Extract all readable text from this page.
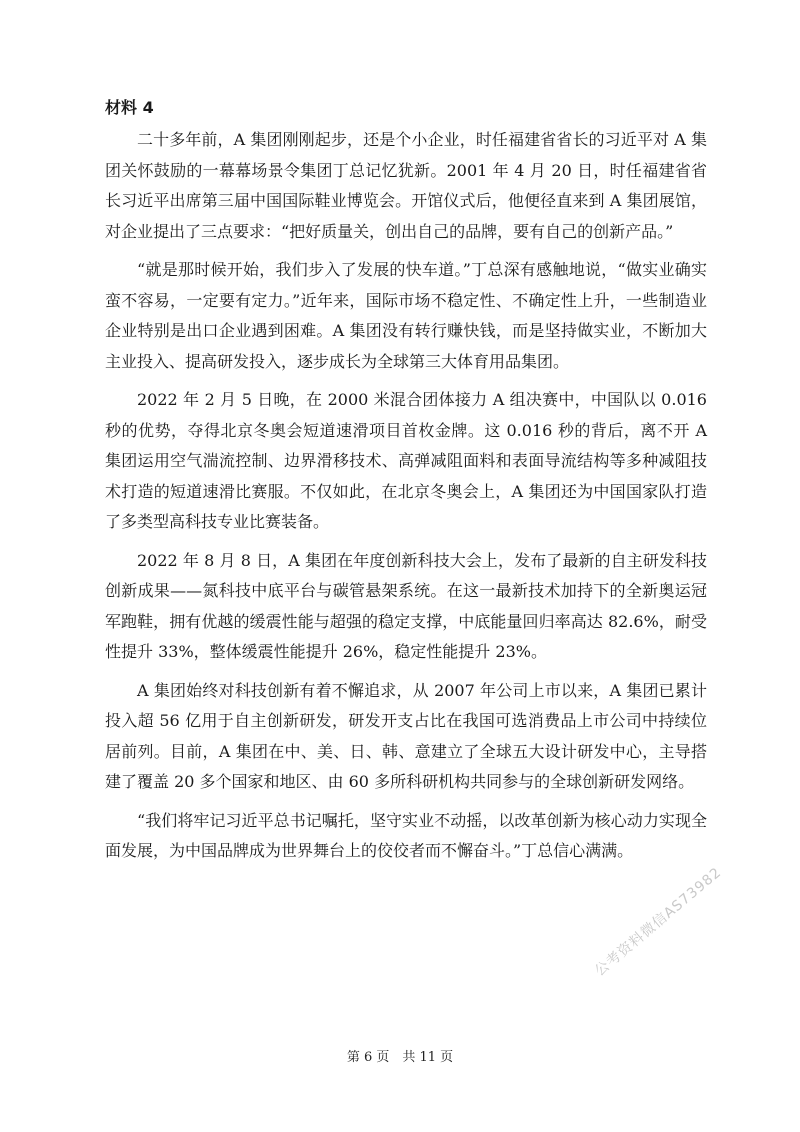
材料 4

二十多年前，A 集团刚刚起步，还是个小企业，时任福建省省长的习近平对 A 集团关怀鼓励的一幕幕场景令集团丁总记忆犹新。2001 年 4 月 20 日，时任福建省省长习近平出席第三届中国国际鞋业博览会。开馆仪式后，他便径直来到 A 集团展馆，对企业提出了三点要求：“把好质量关，创出自己的品牌，要有自己的创新产品。”

“就是那时候开始，我们步入了发展的快车道。”丁总深有感触地说，“做实业确实蛮不容易，一定要有定力。”近年来，国际市场不稳定性、不确定性上升，一些制造业企业特别是出口企业遇到困难。A 集团没有转行赚快钱，而是坚持做实业，不断加大主业投入、提高研发投入，逐步成长为全球第三大体育用品集团。

2022 年 2 月 5 日晚，在 2000 米混合团体接力 A 组决赛中，中国队以 0.016 秒的优势，夺得北京冬奥会短道速滑项目首枚金牌。这 0.016 秒的背后，离不开 A 集团运用空气湍流控制、边界滑移技术、高弹减阻面料和表面导流结构等多种减阻技术打造的短道速滑比赛服。不仅如此，在北京冬奥会上，A 集团还为中国国家队打造了多类型高科技专业比赛装备。

2022 年 8 月 8 日，A 集团在年度创新科技大会上，发布了最新的自主研发科技创新成果——氮科技中底平台与碳管悬架系统。在这一最新技术加持下的全新奥运冠军跑鞋，拥有优越的缓震性能与超强的稳定支撑，中底能量回归率高达 82.6%，耐受性提升 33%，整体缓震性能提升 26%，稳定性能提升 23%。

A 集团始终对科技创新有着不懈追求，从 2007 年公司上市以来，A 集团已累计投入超 56 亿用于自主创新研发，研发开支占比在我国可选消费品上市公司中持续位居前列。目前，A 集团在中、美、日、韩、意建立了全球五大设计研发中心，主导搭建了覆盖 20 多个国家和地区、由 60 多所科研机构共同参与的全球创新研发网络。

“我们将牢记习近平总书记嘱托，坚守实业不动摇，以改革创新为核心动力实现全面发展，为中国品牌成为世界舞台上的佼佼者而不懈奋斗。”丁总信心满满。

公考资料微信AS73982
第 6 页　共 11 页
